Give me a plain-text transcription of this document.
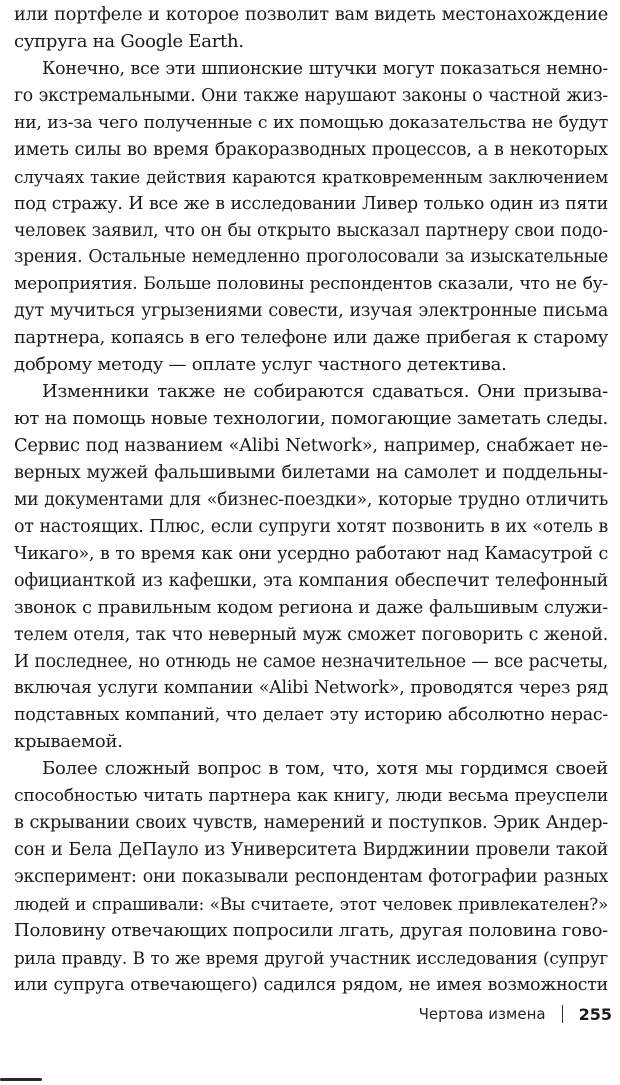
или портфеле и которое позволит вам видеть местонахождение
супруга на Google Earth.
Конечно, все эти шпионские штучки могут показаться немно-
го экстремальными. Они также нарушают законы о частной жиз-
ни, из-за чего полученные с их помощью доказательства не будут
иметь силы во время бракоразводных процессов, а в некоторых
случаях такие действия караются кратковременным заключением
под стражу. И все же в исследовании Ливер только один из пяти
человек заявил, что он бы открыто высказал партнеру свои подо-
зрения. Остальные немедленно проголосовали за изыскательные
мероприятия. Больше половины респондентов сказали, что не бу-
дут мучиться угрызениями совести, изучая электронные письма
партнера, копаясь в его телефоне или даже прибегая к старому
доброму методу — оплате услуг частного детектива.
Изменники также не собираются сдаваться. Они призыва-
ют на помощь новые технологии, помогающие заметать следы.
Сервис под названием «Alibi Network», например, снабжает не-
верных мужей фальшивыми билетами на самолет и поддельны-
ми документами для «бизнес-поездки», которые трудно отличить
от настоящих. Плюс, если супруги хотят позвонить в их «отель в
Чикаго», в то время как они усердно работают над Камасутрой с
официанткой из кафешки, эта компания обеспечит телефонный
звонок с правильным кодом региона и даже фальшивым служи-
телем отеля, так что неверный муж сможет поговорить с женой.
И последнее, но отнюдь не самое незначительное — все расчеты,
включая услуги компании «Alibi Network», проводятся через ряд
подставных компаний, что делает эту историю абсолютно нерас-
крываемой.
Более сложный вопрос в том, что, хотя мы гордимся своей
способностью читать партнера как книгу, люди весьма преуспели
в скрывании своих чувств, намерений и поступков. Эрик Андер-
сон и Бела ДеПауло из Университета Вирджинии провели такой
эксперимент: они показывали респондентам фотографии разных
людей и спрашивали: «Вы считаете, этот человек привлекателен?»
Половину отвечающих попросили лгать, другая половина гово-
рила правду. В то же время другой участник исследования (супруг
или супруга отвечающего) садился рядом, не имея возможности
Чертова измена 255
